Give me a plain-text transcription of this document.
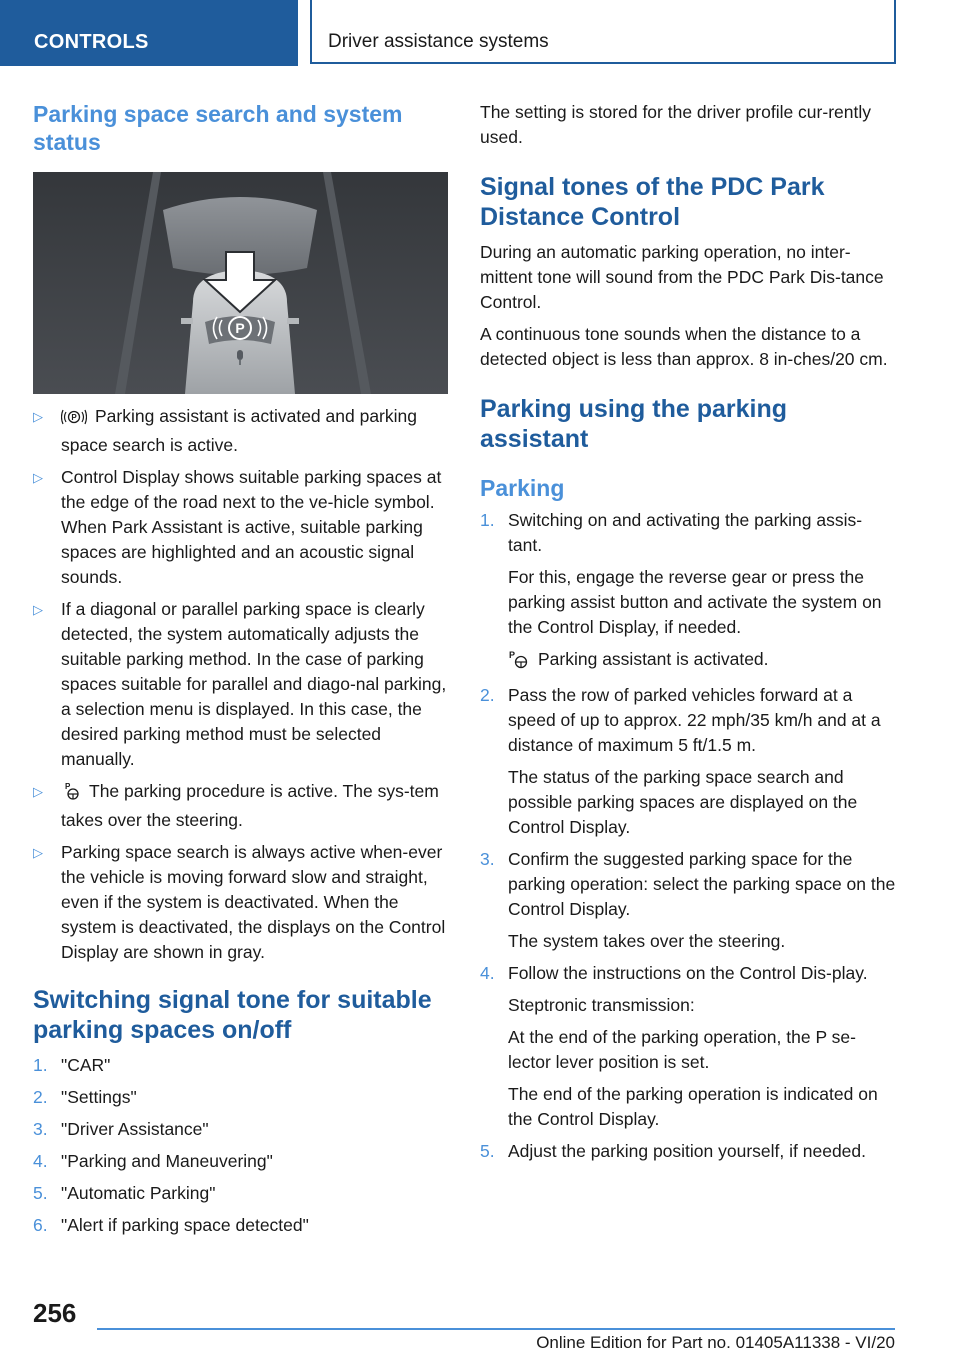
CONTROLS	Driver assistance systems
Parking space search and system status
P
▷	P Parking assistant is activated and parking space search is active.
▷ Control Display shows suitable parking spaces at the edge of the road next to the ve‐hicle symbol. When Park Assistant is active, suitable parking spaces are highlighted and an acoustic signal sounds.
▷ If a diagonal or parallel parking space is clearly detected, the system automatically adjusts the suitable parking method. In the case of parking spaces suitable for parallel and diago‐nal parking, a selection menu is displayed. In this case, the desired parking method must be selected manually.
▷	P The parking procedure is active. The sys‐tem takes over the steering.
▷ Parking space search is always active when‐ever the vehicle is moving forward slow and straight, even if the system is deactivated. When the system is deactivated, the displays on the Control Display are shown in gray.
Switching signal tone for suitable parking spaces on/off
1. "CAR"
2. "Settings"
3. "Driver Assistance"
4. "Parking and Maneuvering"
5. "Automatic Parking"
6. "Alert if parking space detected"

The setting is stored for the driver profile cur‐rently used.

Signal tones of the PDC Park Distance Control

During an automatic parking operation, no inter‐mittent tone will sound from the PDC Park Dis‐tance Control.

A continuous tone sounds when the distance to a detected object is less than approx. 8 in‐ches/20 cm.

Parking using the parking assistant
Parking
1. Switching on and activating the parking assis‐tant.
For this, engage the reverse gear or press the parking assist button and activate the system on the Control Display, if needed.
P Parking assistant is activated.
2. Pass the row of parked vehicles forward at a speed of up to approx. 22 mph/35 km/h and at a distance of maximum 5 ft/1.5 m.
The status of the parking space search and possible parking spaces are displayed on the Control Display.
3. Confirm the suggested parking space for the parking operation: select the parking space on the Control Display.
The system takes over the steering.
4. Follow the instructions on the Control Dis‐play.
Steptronic transmission:
At the end of the parking operation, the P se‐lector lever position is set.
The end of the parking operation is indicated on the Control Display.
5. Adjust the parking position yourself, if needed.
256
Online Edition for Part no. 01405A11338 - VI/20
